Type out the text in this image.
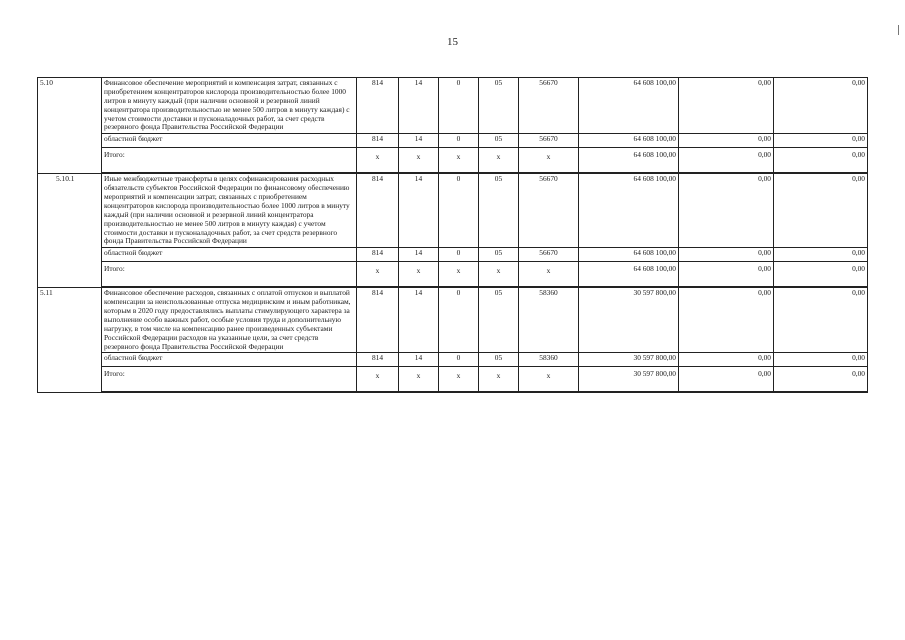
15
5.10	Финансовое обеспечение мероприятий и компенсация затрат, связанных с приобретением концентраторов кислорода производительностью более 1000 литров в минуту каждый (при наличии основной и резервной линий концентратора производительностью не менее 500 литров в минуту каждая) с учетом стоимости доставки и пусконаладочных работ, за счет средств резервного фонда Правительства Российской Федерации	814	14	0	05	56670	64 608 100,00	0,00	0,00
	областной бюджет	814	14	0	05	56670	64 608 100,00	0,00	0,00
	Итого:	x	x	x	x	x	64 608 100,00	0,00	0,00
5.10.1	Иные межбюджетные трансферты в целях софинансирования расходных обязательств субъектов Российской Федерации по финансовому обеспечению мероприятий и компенсации затрат, связанных с приобретением концентраторов кислорода производительностью более 1000 литров в минуту каждый (при наличии основной и резервной линий концентратора производительностью не менее 500 литров в минуту каждая) с учетом стоимости доставки и пусконаладочных работ, за счет средств резервного фонда Правительства Российской Федерации	814	14	0	05	56670	64 608 100,00	0,00	0,00
	областной бюджет	814	14	0	05	56670	64 608 100,00	0,00	0,00
	Итого:	x	x	x	x	x	64 608 100,00	0,00	0,00
5.11	Финансовое обеспечение расходов, связанных с оплатой отпусков и выплатой компенсации за неиспользованные отпуска медицинским и иным работникам, которым в 2020 году предоставлялись выплаты стимулирующего характера за выполнение особо важных работ, особые условия труда и дополнительную нагрузку, в том числе на компенсацию ранее произведенных субъектами Российской Федерации расходов на указанные цели, за счет средств резервного фонда Правительства Российской Федерации	814	14	0	05	58360	30 597 800,00	0,00	0,00
	областной бюджет	814	14	0	05	58360	30 597 800,00	0,00	0,00
	Итого:	x	x	x	x	x	30 597 800,00	0,00	0,00
